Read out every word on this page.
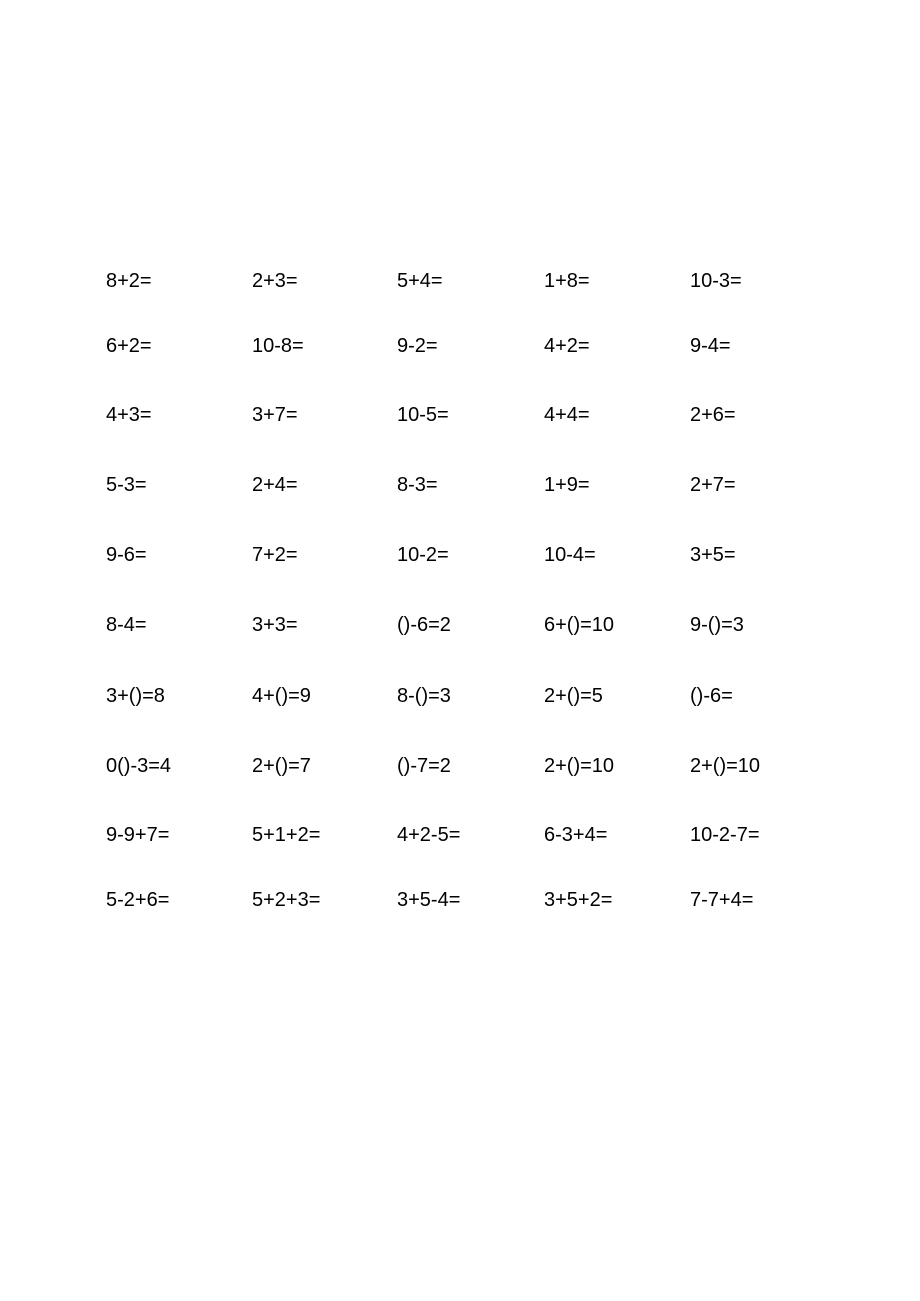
8+2=	2+3=	5+4=	1+8=	10-3=
6+2=	10-8=	9-2=	4+2=	9-4=
4+3=	3+7=	10-5=	4+4=	2+6=
5-3=	2+4=	8-3=	1+9=	2+7=
9-6=	7+2=	10-2=	10-4=	3+5=
8-4=	3+3=	()-6=2	6+()=10	9-()=3
3+()=8	4+()=9	8-()=3	2+()=5	()-6=
0()-3=4	2+()=7	()-7=2	2+()=10	2+()=10
9-9+7=	5+1+2=	4+2-5=	6-3+4=	10-2-7=
5-2+6=	5+2+3=	3+5-4=	3+5+2=	7-7+4=
